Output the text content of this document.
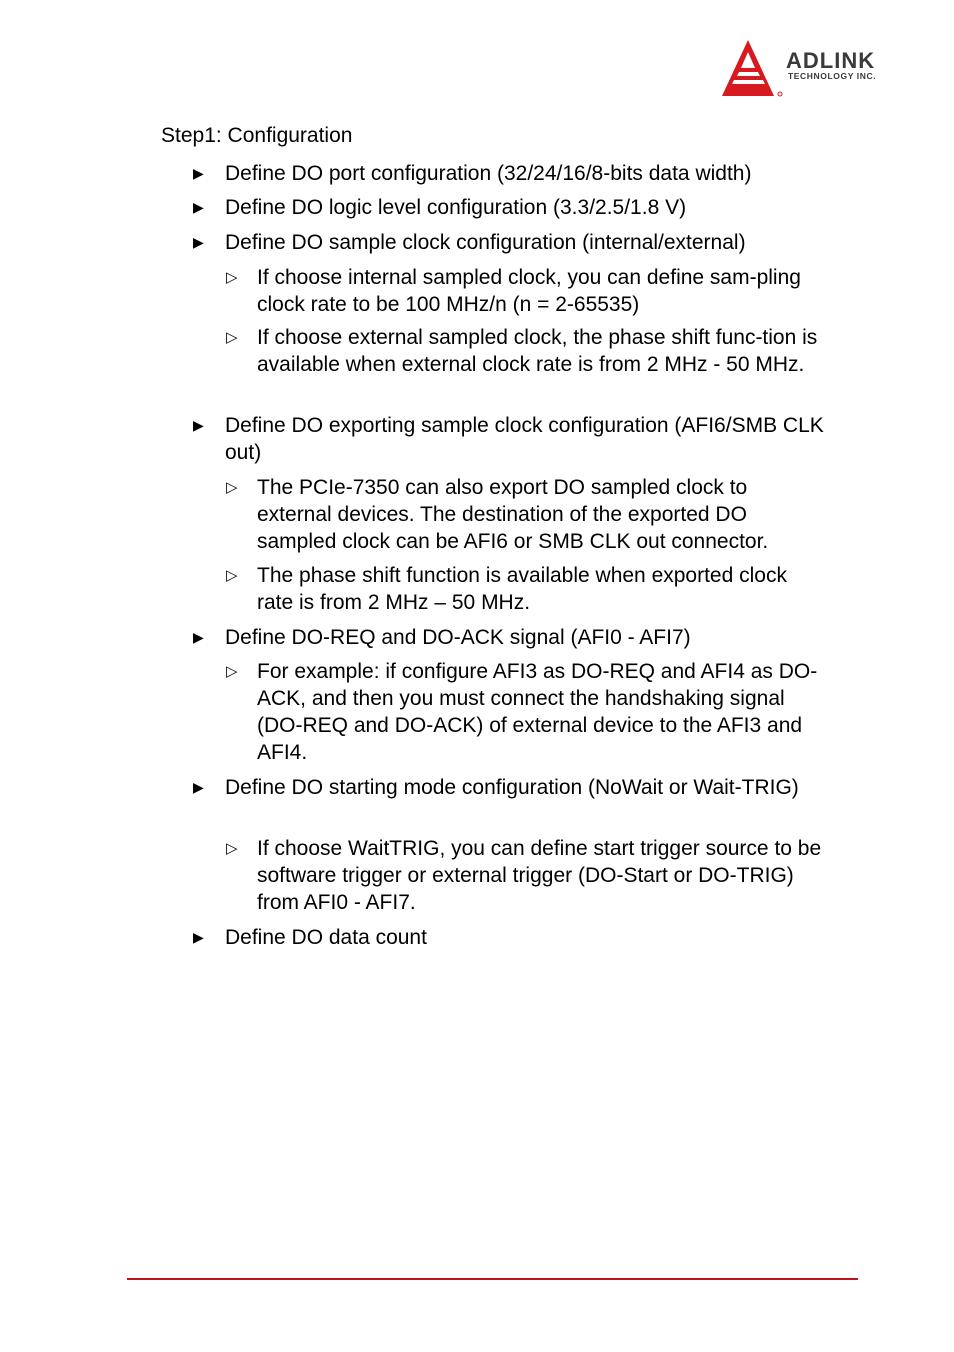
ADLINK
TECHNOLOGY INC.
Step1: Configuration
▶ Define DO port configuration (32/24/16/8-bits data width)
▶ Define DO logic level configuration (3.3/2.5/1.8 V)
▶ Define DO sample clock configuration (internal/external)
▷ If choose internal sampled clock, you can define sam-pling clock rate to be 100 MHz/n (n = 2-65535)
▷ If choose external sampled clock, the phase shift func-tion is available when external clock rate is from 2 MHz - 50 MHz.
▶ Define DO exporting sample clock configuration (AFI6/SMB CLK out)
▷ The PCIe-7350 can also export DO sampled clock to external devices. The destination of the exported DO sampled clock can be AFI6 or SMB CLK out connector.
▷ The phase shift function is available when exported clock rate is from 2 MHz – 50 MHz.
▶ Define DO-REQ and DO-ACK signal (AFI0 - AFI7)
▷ For example: if configure AFI3 as DO-REQ and AFI4 as DO-ACK, and then you must connect the handshaking signal (DO-REQ and DO-ACK) of external device to the AFI3 and AFI4.
▶ Define DO starting mode configuration (NoWait or Wait-TRIG)
▷ If choose WaitTRIG, you can define start trigger source to be software trigger or external trigger (DO-Start or DO-TRIG) from AFI0 - AFI7.
▶ Define DO data count
